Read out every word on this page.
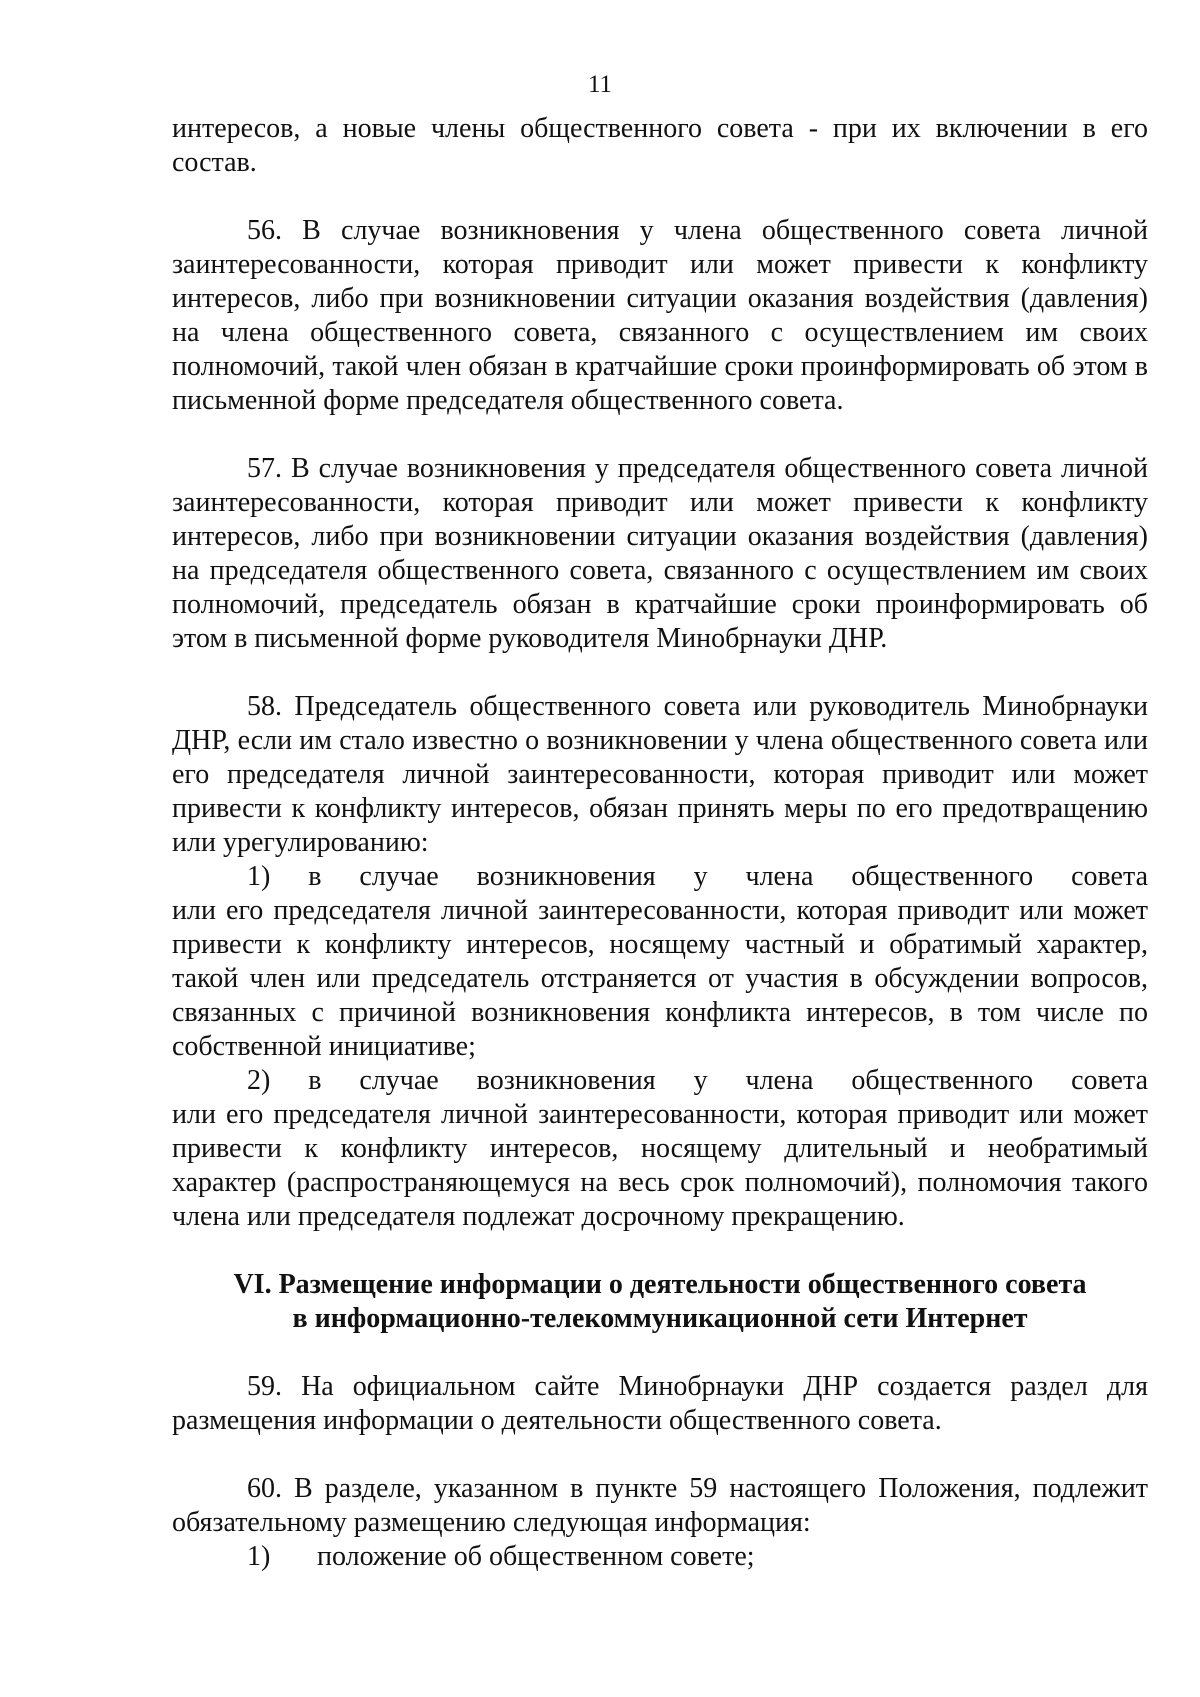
11

интересов, а новые члены общественного совета - при их включении в его состав.

56. В случае возникновения у члена общественного совета личной заинтересованности, которая приводит или может привести к конфликту интересов, либо при возникновении ситуации оказания воздействия (давления) на члена общественного совета, связанного с осуществлением им своих полномочий, такой член обязан в кратчайшие сроки проинформировать об этом в письменной форме председателя общественного совета.

57. В случае возникновения у председателя общественного совета личной заинтересованности, которая приводит или может привести к конфликту интересов, либо при возникновении ситуации оказания воздействия (давления) на председателя общественного совета, связанного с осуществлением им своих полномочий, председатель обязан в кратчайшие сроки проинформировать об этом в письменной форме руководителя Минобрнауки ДНР.

58. Председатель общественного совета или руководитель Минобрнауки ДНР, если им стало известно о возникновении у члена общественного совета или его председателя личной заинтересованности, которая приводит или может привести к конфликту интересов, обязан принять меры по его предотвращению или урегулированию:

1) в случае возникновения у члена общественного совета

или его председателя личной заинтересованности, которая приводит или может привести к конфликту интересов, носящему частный и обратимый характер, такой член или председатель отстраняется от участия в обсуждении вопросов, связанных с причиной возникновения конфликта интересов, в том числе по собственной инициативе;

2) в случае возникновения у члена общественного совета

или его председателя личной заинтересованности, которая приводит или может привести к конфликту интересов, носящему длительный и необратимый характер (распространяющемуся на весь срок полномочий), полномочия такого члена или председателя подлежат досрочному прекращению.

VI. Размещение информации о деятельности общественного совета
в информационно-телекоммуникационной сети Интернет

59. На официальном сайте Минобрнауки ДНР создается раздел для размещения информации о деятельности общественного совета.

60. В разделе, указанном в пункте 59 настоящего Положения, подлежит обязательному размещению следующая информация:

1) положение об общественном совете;
